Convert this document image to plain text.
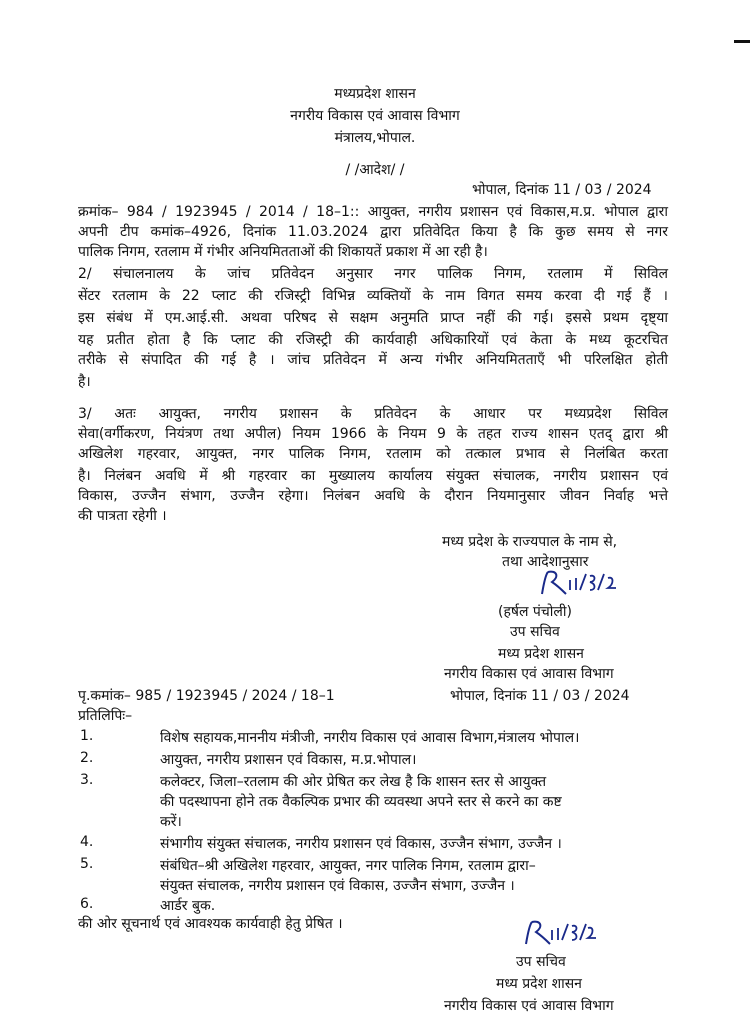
मध्यप्रदेश शासन
नगरीय विकास एवं आवास विभाग
मंत्रालय,भोपाल.
/ /आदेश/ /
भोपाल, दिनांक 11 / 03 / 2024
क्रमांक– 984 / 1923945 / 2014 / 18–1:: आयुक्त, नगरीय प्रशासन एवं विकास,म.प्र. भोपाल द्वारा
अपनी टीप कमांक–4926, दिनांक 11.03.2024 द्वारा प्रतिवेदित किया है कि कुछ समय से नगर
पालिक निगम, रतलाम में गंभीर अनियमितताओं की शिकायतें प्रकाश में आ रही है।
2/ संचालनालय के जांच प्रतिवेदन अनुसार नगर पालिक निगम, रतलाम में सिविल
सेंटर रतलाम के 22 प्लाट की रजिस्ट्री विभिन्न व्यक्तियों के नाम विगत समय करवा दी गई हैं ।
इस संबंध में एम.आई.सी. अथवा परिषद से सक्षम अनुमति प्राप्त नहीं की गई। इससे प्रथम दृष्ट्या
यह प्रतीत होता है कि प्लाट की रजिस्ट्री की कार्यवाही अधिकारियों एवं केता के मध्य कूटरचित
तरीके से संपादित की गई है । जांच प्रतिवेदन में अन्य गंभीर अनियमितताएँ भी परिलक्षित होती
है।
3/ अतः आयुक्त, नगरीय प्रशासन के प्रतिवेदन के आधार पर मध्यप्रदेश सिविल
सेवा(वर्गीकरण, नियंत्रण तथा अपील) नियम 1966 के नियम 9 के तहत राज्य शासन एतद् द्वारा श्री
अखिलेश गहरवार, आयुक्त, नगर पालिक निगम, रतलाम को तत्काल प्रभाव से निलंबित करता
है। निलंबन अवधि में श्री गहरवार का मुख्यालय कार्यालय संयुक्त संचालक, नगरीय प्रशासन एवं
विकास, उज्जैन संभाग, उज्जैन रहेगा। निलंबन अवधि के दौरान नियमानुसार जीवन निर्वाह भत्ते
की पात्रता रहेगी ।
मध्य प्रदेश के राज्यपाल के नाम से,
तथा आदेशानुसार
(हर्षल पंचोली)
उप सचिव
मध्य प्रदेश शासन
नगरीय विकास एवं आवास विभाग
पृ.कमांक– 985 / 1923945 / 2024 / 18–1	भोपाल, दिनांक 11 / 03 / 2024
प्रतिलिपिः–
1.	विशेष सहायक,माननीय मंत्रीजी, नगरीय विकास एवं आवास विभाग,मंत्रालय भोपाल।
2.	आयुक्त, नगरीय प्रशासन एवं विकास, म.प्र.भोपाल।
3.	कलेक्टर, जिला–रतलाम की ओर प्रेषित कर लेख है कि शासन स्तर से आयुक्त
की पदस्थापना होने तक वैकल्पिक प्रभार की व्यवस्था अपने स्तर से करने का कष्ट
करें।
4.	संभागीय संयुक्त संचालक, नगरीय प्रशासन एवं विकास, उज्जैन संभाग, उज्जैन ।
5.	संबंधित–श्री अखिलेश गहरवार, आयुक्त, नगर पालिक निगम, रतलाम द्वारा–
संयुक्त संचालक, नगरीय प्रशासन एवं विकास, उज्जैन संभाग, उज्जैन ।
6.	आर्डर बुक.
की ओर सूचनार्थ एवं आवश्यक कार्यवाही हेतु प्रेषित ।
उप सचिव
मध्य प्रदेश शासन
नगरीय विकास एवं आवास विभाग
